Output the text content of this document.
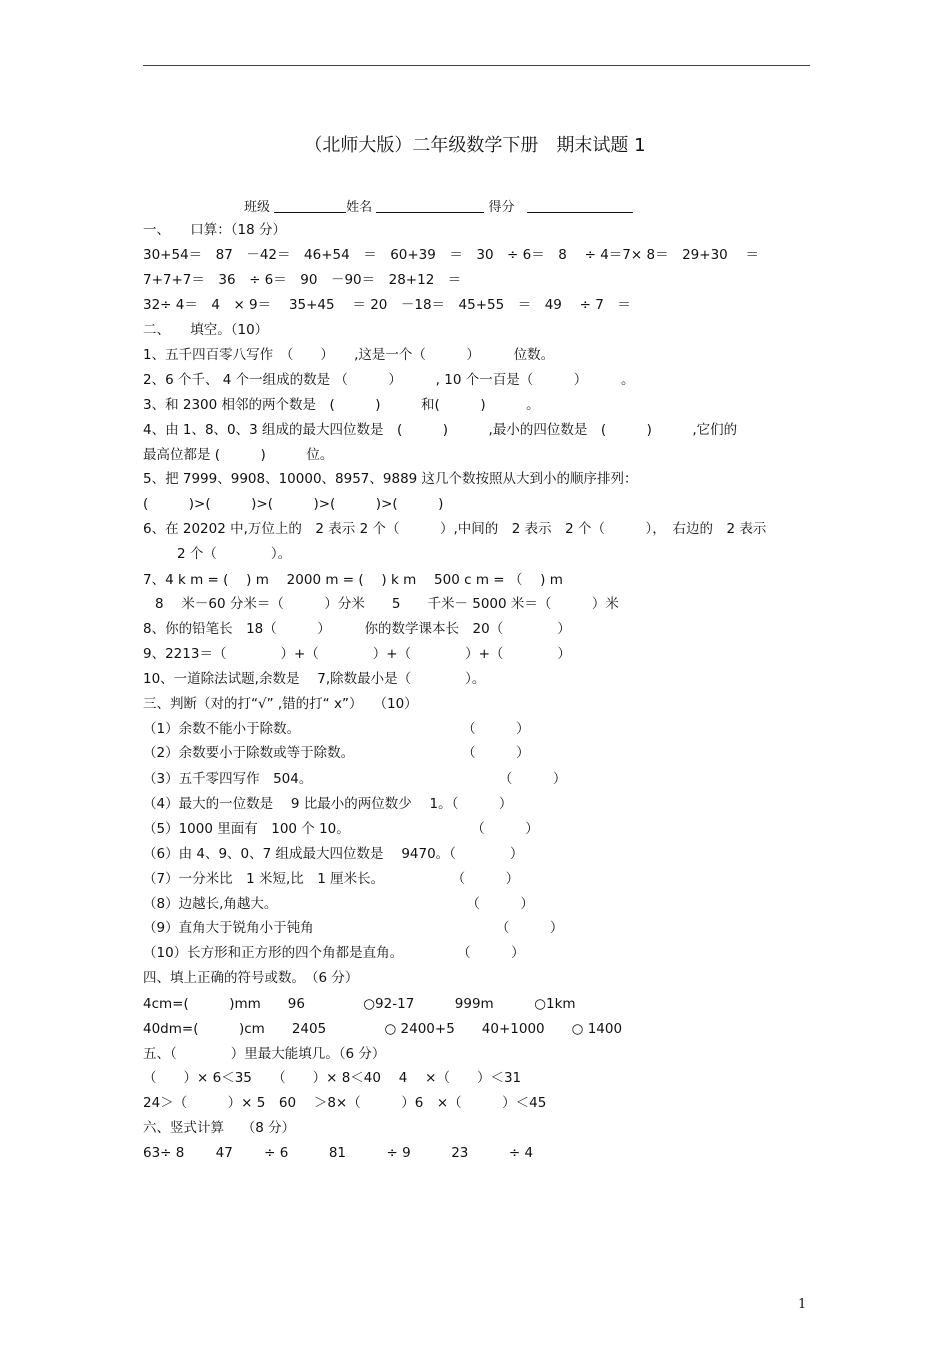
（北师大版）二年级数学下册　期末试题 1
班级	姓名	得分
一、　　口算：（18 分）
30+54＝　87　－42＝　46+54　＝　60+39　＝　30　÷ 6＝　8　 ÷ 4＝7× 8＝　29+30　 ＝
7+7+7＝　36　÷ 6＝　90　－90＝　28+12　＝
32÷ 4＝　4　× 9＝　 35+45　 ＝ 20　－18＝　45+55　＝　49　 ÷ 7　＝
二、　　填空。（10）
1、五千四百零八写作　（　　）　　,这是一个（　　　）　　　位数。
2、6 个千、 4 个一组成的数是 （　　　）　　　, 10 个一百是（　　　）　　　。
3、和 2300 相邻的两个数是　(　　　)　　　和(　　　)　　　。
4、由 1、8、0、3 组成的最大四位数是　(　　　)　　　,最小的四位数是　(　　　)　　　,它们的
最高位都是 (　　　)　　　位。
5、把 7999、9908、10000、8957、9889 这几个数按照从大到小的顺序排列：
(　　　)>(　　　)>(　　　)>(　　　)>(　　　)
6、在 20202 中,万位上的　2 表示 2 个（　　　）,中间的　2 表示　2 个（　　　），　右边的　2 表示
2 个（　　　　）。
7、4 k m = (　 ) m　 2000 m = (　 ) k m　 500 c m = （　 ) m
8　 米－60 分米＝（　　　）分米　　5　　千米－ 5000 米＝（　　　）米
8、你的铅笔长　18（　　　）　　　你的数学课本长　20（　　　　）
9、2213＝（　　　　）+（　　　　）+（　　　　）+（　　　　）
10、一道除法试题,余数是　 7,除数最小是（　　　　）。
三、判断（对的打“√” ,错的打“ x”）　 （10）
（1）余数不能小于除数。　　　　　　　　　　　　　（　　　）
（2）余数要小于除数或等于除数。　　　　　　　　　（　　　）
（3）五千零四写作　504。　　　　　　　　　　　　　　 （　　　）
（4）最大的一位数是　 9 比最小的两位数少　 1。（　　　）
（5）1000 里面有　100 个 10。　　　　　　　　　　（　　　）
（6）由 4、9、0、7 组成最大四位数是　 9470。（　　　　）
（7）一分米比　1 米短,比　1 厘米长。　　　　　　（　　　）
（8）边越长,角越大。　　　　　　　　　　　　　　　（　　　）
（9）直角大于锐角小于钝角　　　　　　　　　　　　　　（　　　）
（10）长方形和正方形的四个角都是直角。　　　　　（　　　）
四、填上正确的符号或数。　（6 分）
4cm=(　　　)mm　　96　　　　 ○92-17　　　999m　　　○1km
40dm=(　　　)cm　　2405　　　　 ○ 2400+5　　40+1000　　○ 1400
五、（　　　　）里最大能填几。（6 分）
（　　）× 6＜35　　（　　）× 8＜40　 4　 ×（　　）＜31
24＞（　　　）× 5　60　 ＞8×（　　　）6　×（　　　）＜45
六、竖式计算　 （8 分）
63÷ 8　　 47　　 ÷ 6　　　81　　　÷ 9　　　23　　　÷ 4
1
